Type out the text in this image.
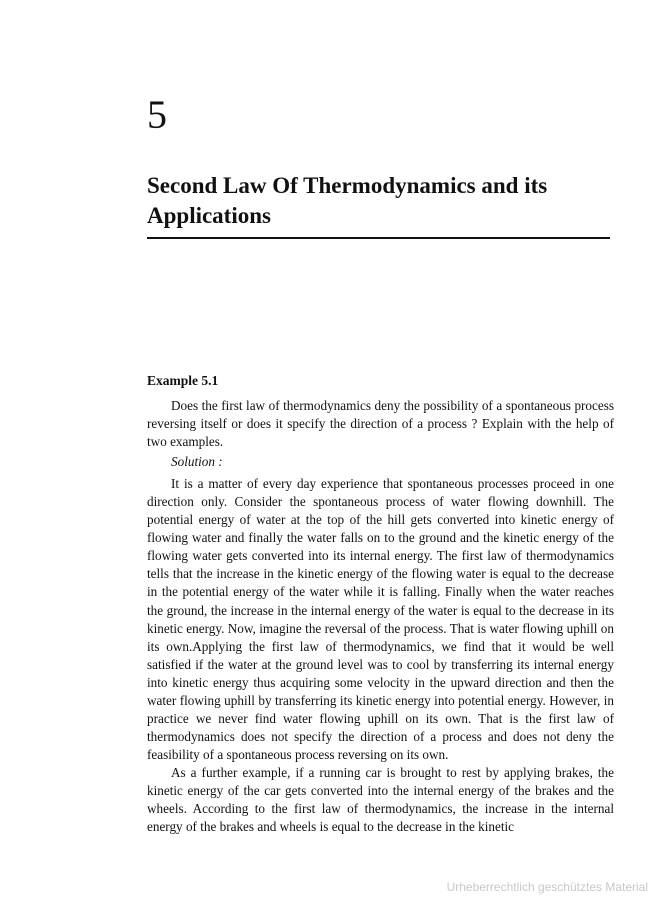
5
Second Law Of Thermodynamics and its Applications

Example 5.1

Does the first law of thermodynamics deny the possibility of a spontaneous process reversing itself or does it specify the direction of a process ? Explain with the help of two examples.

Solution :

It is a matter of every day experience that spontaneous processes proceed in one direction only. Consider the spontaneous process of water flowing downhill. The potential energy of water at the top of the hill gets converted into kinetic energy of flowing water and finally the water falls on to the ground and the kinetic energy of the flowing water gets converted into its internal energy. The first law of thermodynamics tells that the increase in the kinetic energy of the flowing water is equal to the decrease in the potential energy of the water while it is falling. Finally when the water reaches the ground, the increase in the internal energy of the water is equal to the decrease in its kinetic energy. Now, imagine the reversal of the process. That is water flowing uphill on its own.Applying the first law of thermodynamics, we find that it would be well satisfied if the water at the ground level was to cool by transferring its internal energy into kinetic energy thus acquiring some velocity in the upward direction and then the water flowing uphill by transferring its kinetic energy into potential energy. However, in practice we never find water flowing uphill on its own. That is the first law of thermodynamics does not specify the direction of a process and does not deny the feasibility of a spontaneous process reversing on its own.

As a further example, if a running car is brought to rest by applying brakes, the kinetic energy of the car gets converted into the internal energy of the brakes and the wheels. According to the first law of thermodynamics, the increase in the internal energy of the brakes and wheels is equal to the decrease in the kinetic

Urheberrechtlich geschütztes Material
